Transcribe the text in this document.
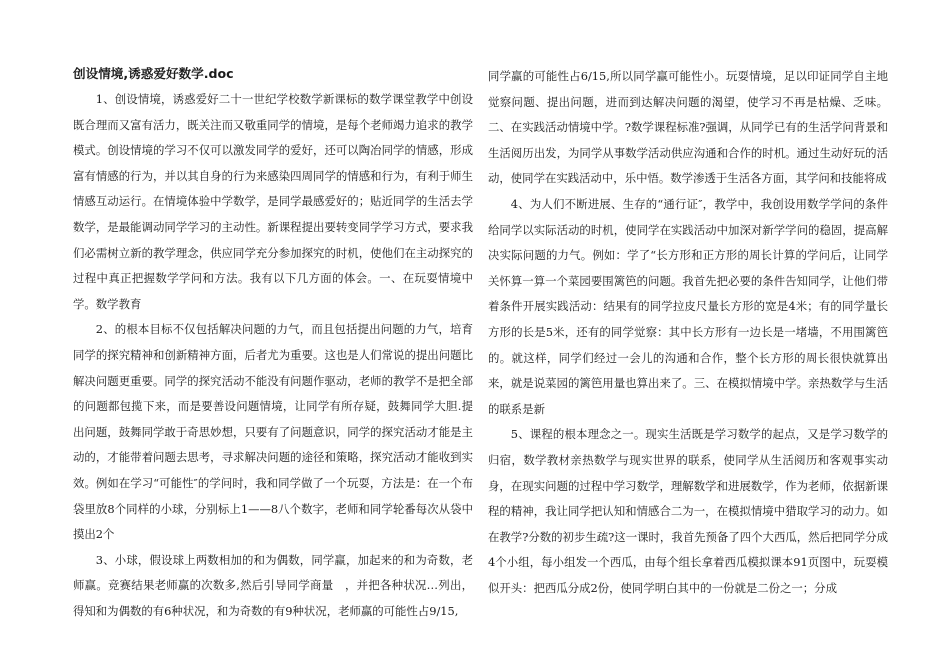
创设情境,诱惑爱好数学.doc

1、创设情境，诱惑爱好二十一世纪学校数学新课标的数学课堂教学中创设既合理而又富有活力，既关注而又敬重同学的情境，是每个老师竭力追求的教学模式。创设情境的学习不仅可以激发同学的爱好，还可以陶冶同学的情感，形成富有情感的行为，并以其自身的行为来感染四周同学的情感和行为，有利于师生情感互动运行。在情境体验中学数学，是同学最感爱好的；贴近同学的生活去学数学，是最能调动同学学习的主动性。新课程提出要转变同学学习方式，要求我们必需树立新的教学理念，供应同学充分参加探究的时机，使他们在主动探究的过程中真正把握数学学问和方法。我有以下几方面的体会。一、在玩耍情境中学。数学教育

2、的根本目标不仅包括解决问题的力气，而且包括提出问题的力气，培育同学的探究精神和创新精神方面，后者尤为重要。这也是人们常说的提出问题比解决问题更重要。同学的探究活动不能没有问题作驱动，老师的教学不是把全部的问题都包揽下来，而是要善设问题情境，让同学有所存疑，鼓舞同学大胆.提出问题，鼓舞同学敢于奇思妙想，只要有了问题意识，同学的探究活动才能是主动的，才能带着问题去思考，寻求解决问题的途径和策略，探究活动才能收到实效。例如在学习“可能性″的学问时，我和同学做了一个玩耍，方法是：在一个布袋里放8个同样的小球，分别标上1——8八个数字，老师和同学轮番每次从袋中摸出2个

3、小球，假设球上两数相加的和为偶数，同学赢，加起来的和为奇数，老师赢。竞赛结果老师赢的次数多,然后引导同学商量　，并把各种状况…列出，得知和为偶数的有6种状况，和为奇数的有9种状况，老师赢的可能性占9/15,

同学赢的可能性占6/15,所以同学赢可能性小。玩耍情境，足以印证同学自主地觉察问题、提出问题，进而到达解决问题的渴望，使学习不再是枯燥、乏味。二、在实践活动情境中学。?数学课程标准?强调，从同学已有的生活学问背景和生活阅历出发，为同学从事数学活动供应沟通和合作的时机。通过生动好玩的活动，使同学在实践活动中，乐中悟。数学渗透于生活各方面，其学问和技能将成

4、为人们不断进展、生存的“通行证″，教学中，我创设用数学学问的条件给同学以实际活动的时机，使同学在实践活动中加深对新学学问的稳固，提高解决实际问题的力气。例如：学了“长方形和正方形的周长计算的学问后，让同学关怀算一算一个菜园要围篱笆的问题。我首先把必要的条件告知同学，让他们带着条件开展实践活动：结果有的同学拉皮尺量长方形的宽是4米；有的同学量长方形的长是5米，还有的同学觉察：其中长方形有一边长是一堵墙，不用围篱笆的。就这样，同学们经过一会儿的沟通和合作，整个长方形的周长很快就算出来，就是说菜园的篱笆用量也算出来了。三、在模拟情境中学。亲热数学与生活的联系是新

5、课程的根本理念之一。现实生活既是学习数学的起点，又是学习数学的归宿，数学教材亲热数学与现实世界的联系，使同学从生活阅历和客观事实动身，在现实问题的过程中学习数学，理解数学和进展数学，作为老师，依据新课程的精神，我让同学把认知和情感合二为一，在模拟情境中猎取学习的动力。如在教学?分数的初步生疏?这一课时，我首先预备了四个大西瓜，然后把同学分成4个小组，每小组发一个西瓜，由每个组长拿着西瓜模拟课本91页图中，玩耍模似开头：把西瓜分成2份，使同学明白其中的一份就是二份之一；分成
